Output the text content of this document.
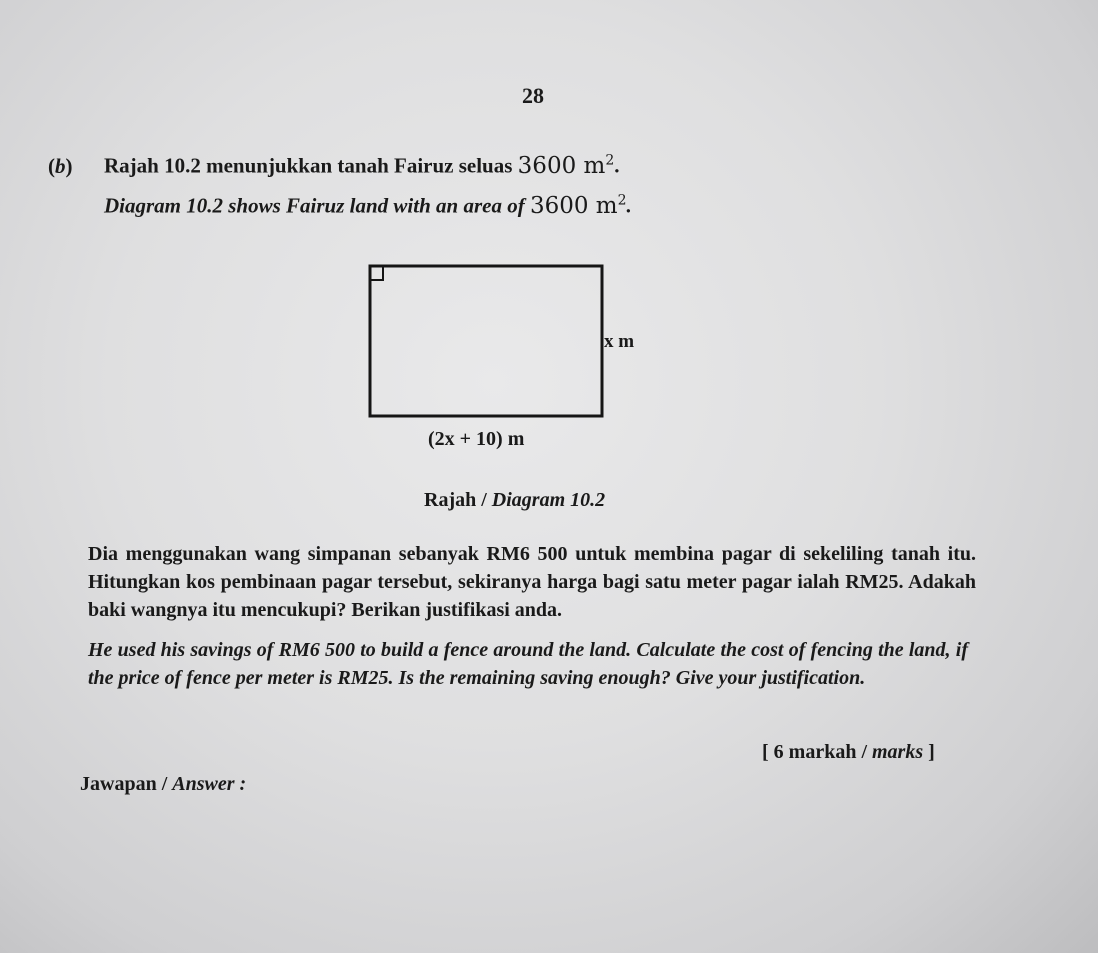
28
(b) Rajah 10.2 menunjukkan tanah Fairuz seluas 3600 $m^2$.
Diagram 10.2 shows Fairuz land with an area of 3600 $m^2$.
x m
(2x + 10) m
Rajah / Diagram 10.2
Dia menggunakan wang simpanan sebanyak RM6 500 untuk membina pagar di sekeliling tanah itu. Hitungkan kos pembinaan pagar tersebut, sekiranya harga bagi satu meter pagar ialah RM25. Adakah baki wangnya itu mencukupi? Berikan justifikasi anda.
He used his savings of RM6 500 to build a fence around the land. Calculate the cost of fencing the land, if the price of fence per meter is RM25. Is the remaining saving enough? Give your justification.
[ 6 markah / marks ]
Jawapan / Answer :
